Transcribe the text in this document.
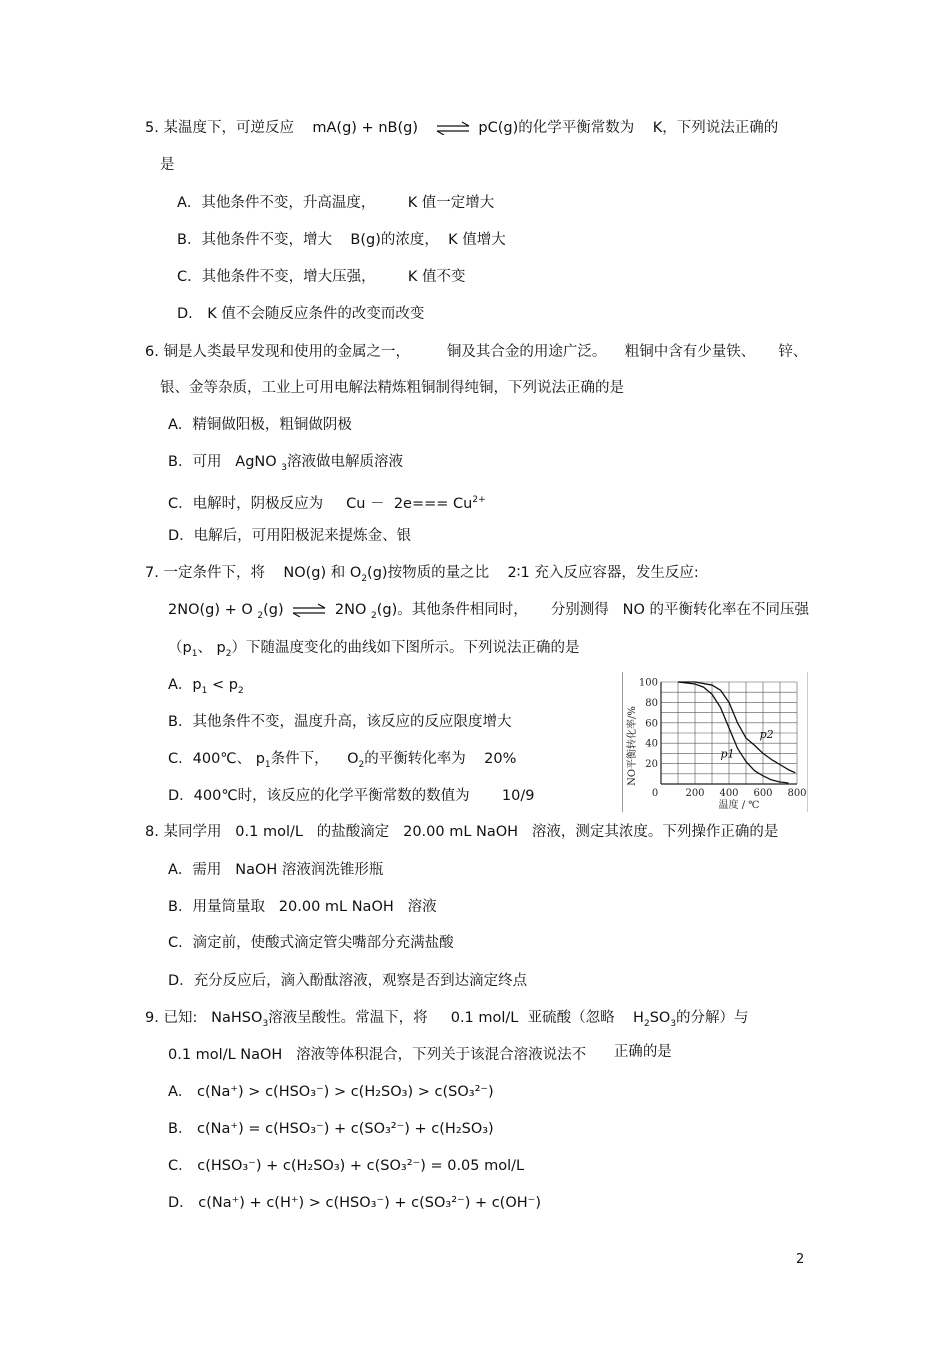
5. 某温度下，可逆反应 mA(g) + nB(g) ⇌ pC(g)的化学平衡常数为 K，下列说法正确的
是
A．其他条件不变，升高温度， K 值一定增大
B．其他条件不变，增大 B(g)的浓度， K 值增大
C．其他条件不变，增大压强， K 值不变
D． K 值不会随反应条件的改变而改变
6. 铜是人类最早发现和使用的金属之一，	铜及其合金的用途广泛。 粗铜中含有少量铁、 锌、
银、金等杂质，工业上可用电解法精炼粗铜制得纯铜，下列说法正确的是
A．精铜做阳极，粗铜做阴极
B．可用 AgNO $_3$溶液做电解质溶液
C．电解时，阴极反应为 $Cu - 2e=== Cu^{2+}$
D．电解后，可用阳极泥来提炼金、银
7. 一定条件下，将 NO(g) 和 $O_2(g)$按物质的量之比 2∶1 充入反应容器，发生反应:
2NO(g) + O $_2$(g) ⇌ 2NO $_2$(g)。其他条件相同时， 分别测得 NO 的平衡转化率在不同压强
（$p_1$、 $p_2$）下随温度变化的曲线如下图所示。下列说法正确的是
A．$p_1 < p_2$
B．其他条件不变，温度升高，该反应的反应限度增大
C．400℃、 $p_1$条件下， $O_2$的平衡转化率为 20%
D．400℃时，该反应的化学平衡常数的数值为 10/9
NO平衡转化率/%
温度 / ℃
0	200 400 600 800
20
40
60
80
100
p1
p2
8. 某同学用 0.1 mol/L 的盐酸滴定 20.00 mL NaOH 溶液，测定其浓度。下列操作正确的是
A．需用 NaOH 溶液润洗锥形瓶
B．用量筒量取 20.00 mL NaOH 溶液
C．滴定前，使酸式滴定管尖嘴部分充满盐酸
D．充分反应后，滴入酚酞溶液，观察是否到达滴定终点
9. 已知: NaHSO$_3$溶液呈酸性。常温下，将 0.1 mol/L 亚硫酸（忽略 $H_2SO_3$的分解）与
0.1 mol/L NaOH 溶液等体积混合，下列关于该混合溶液说法不 正确的是
A． c(Na⁺) > c(HSO₃⁻) > c(H₂SO₃) > c(SO₃²⁻)
B． c(Na⁺) = c(HSO₃⁻) + c(SO₃²⁻) + c(H₂SO₃)
C． c(HSO₃⁻) + c(H₂SO₃) + c(SO₃²⁻) = 0.05 mol/L
D． c(Na⁺) + c(H⁺) > c(HSO₃⁻) + c(SO₃²⁻) + c(OH⁻)
2
